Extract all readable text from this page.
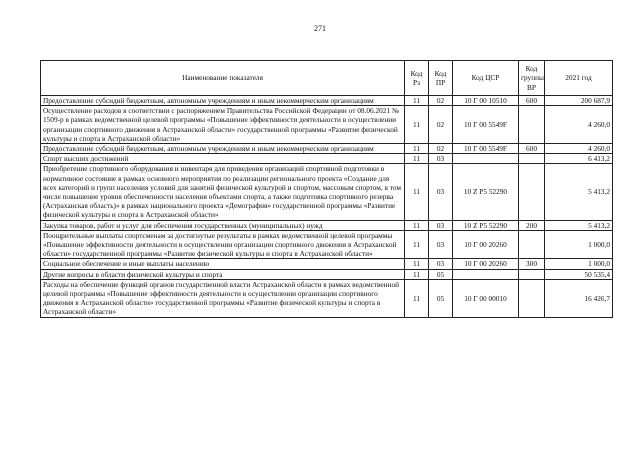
271
Наименование показателя	Код Рз	Код ПР	Код ЦСР	Код группы ВР	2021 год
Предоставление субсидий бюджетным, автономным учреждениям и иным некоммерческим организациям	11	02	10 Г 00 10510	600	200 687,9
Осуществление расходов в соответствии с распоряжением Правительства Российской Федерации от 08.06.2021 № 1509-р в рамках ведомственной целевой программы «Повышение эффективности деятельности в осуществлении организации спортивного движения в Астраханской области» государственной программы «Развитие физической культуры и спорта в Астраханской области»	11	02	10 Г 00 5549F		4 260,0
Предоставление субсидий бюджетным, автономным учреждениям и иным некоммерческим организациям	11	02	10 Г 00 5549F	600	4 260,0
Спорт высших достижений	11	03			6 413,2
Приобретение спортивного оборудования и инвентаря для приведения организаций спортивной подготовки в нормативное состояние в рамках основного мероприятия по реализации регионального проекта «Создание для всех категорий и групп населения условий для занятий физической культурой и спортом, массовым спортом, в том числе повышение уровня обеспеченности населения объектами спорта, а также подготовка спортивного резерва (Астраханская область)» в рамках национального проекта «Демография» государственной программы «Развитие физической культуры и спорта в Астраханской области»	11	03	10 Z P5 52290		5 413,2
Закупка товаров, работ и услуг для обеспечения государственных (муниципальных) нужд	11	03	10 Z P5 52290	200	5 413,2
Поощрительные выплаты спортсменам за достигнутые результаты в рамках ведомственной целевой программы «Повышение эффективности деятельности в осуществлении организации спортивного движения в Астраханской области» государственной программы «Развитие физической культуры и спорта в Астраханской области»	11	03	10 Г 00 20260		1 000,0
Социальное обеспечение и иные выплаты населению	11	03	10 Г 00 20260	300	1 000,0
Другие вопросы в области физической культуры и спорта	11	05			50 535,4
Расходы на обеспечение функций органов государственной власти Астраханской области в рамках ведомственной целевой программы «Повышение эффективности деятельности в осуществлении организации спортивного движения в Астраханской области» государственной программы «Развитие физической культуры и спорта в Астраханской области»	11	05	10 Г 00 00010		16 426,7
